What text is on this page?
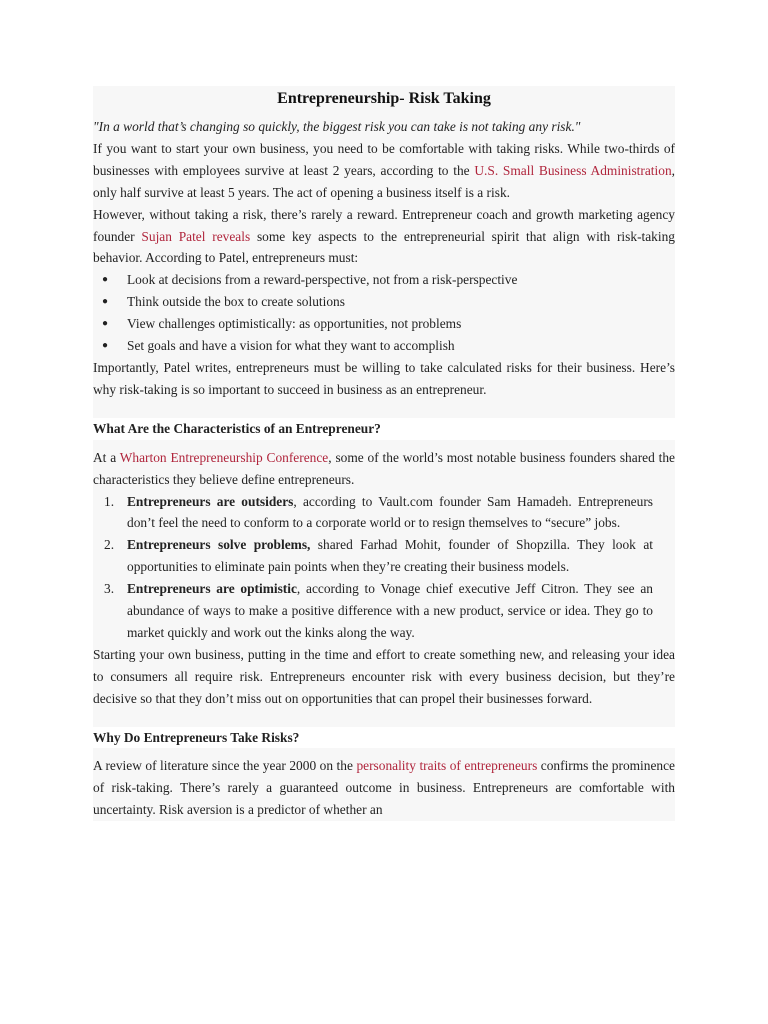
Entrepreneurship- Risk Taking
"In a world that’s changing so quickly, the biggest risk you can take is not taking any risk."

If you want to start your own business, you need to be comfortable with taking risks. While two-thirds of businesses with employees survive at least 2 years, according to the U.S. Small Business Administration, only half survive at least 5 years. The act of opening a business itself is a risk.

However, without taking a risk, there’s rarely a reward. Entrepreneur coach and growth marketing agency founder Sujan Patel reveals some key aspects to the entrepreneurial spirit that align with risk-taking behavior. According to Patel, entrepreneurs must:

● Look at decisions from a reward-perspective, not from a risk-perspective
● Think outside the box to create solutions
● View challenges optimistically: as opportunities, not problems
● Set goals and have a vision for what they want to accomplish

Importantly, Patel writes, entrepreneurs must be willing to take calculated risks for their business. Here’s why risk-taking is so important to succeed in business as an entrepreneur.

What Are the Characteristics of an Entrepreneur?

At a Wharton Entrepreneurship Conference, some of the world’s most notable business founders shared the characteristics they believe define entrepreneurs.

1. Entrepreneurs are outsiders, according to Vault.com founder Sam Hamadeh. Entrepreneurs don’t feel the need to conform to a corporate world or to resign themselves to “secure” jobs.
2. Entrepreneurs solve problems, shared Farhad Mohit, founder of Shopzilla. They look at opportunities to eliminate pain points when they’re creating their business models.
3. Entrepreneurs are optimistic, according to Vonage chief executive Jeff Citron. They see an abundance of ways to make a positive difference with a new product, service or idea. They go to market quickly and work out the kinks along the way.

Starting your own business, putting in the time and effort to create something new, and releasing your idea to consumers all require risk. Entrepreneurs encounter risk with every business decision, but they’re decisive so that they don’t miss out on opportunities that can propel their businesses forward.

Why Do Entrepreneurs Take Risks?

A review of literature since the year 2000 on the personality traits of entrepreneurs confirms the prominence of risk-taking. There’s rarely a guaranteed outcome in business. Entrepreneurs are comfortable with uncertainty. Risk aversion is a predictor of whether an
